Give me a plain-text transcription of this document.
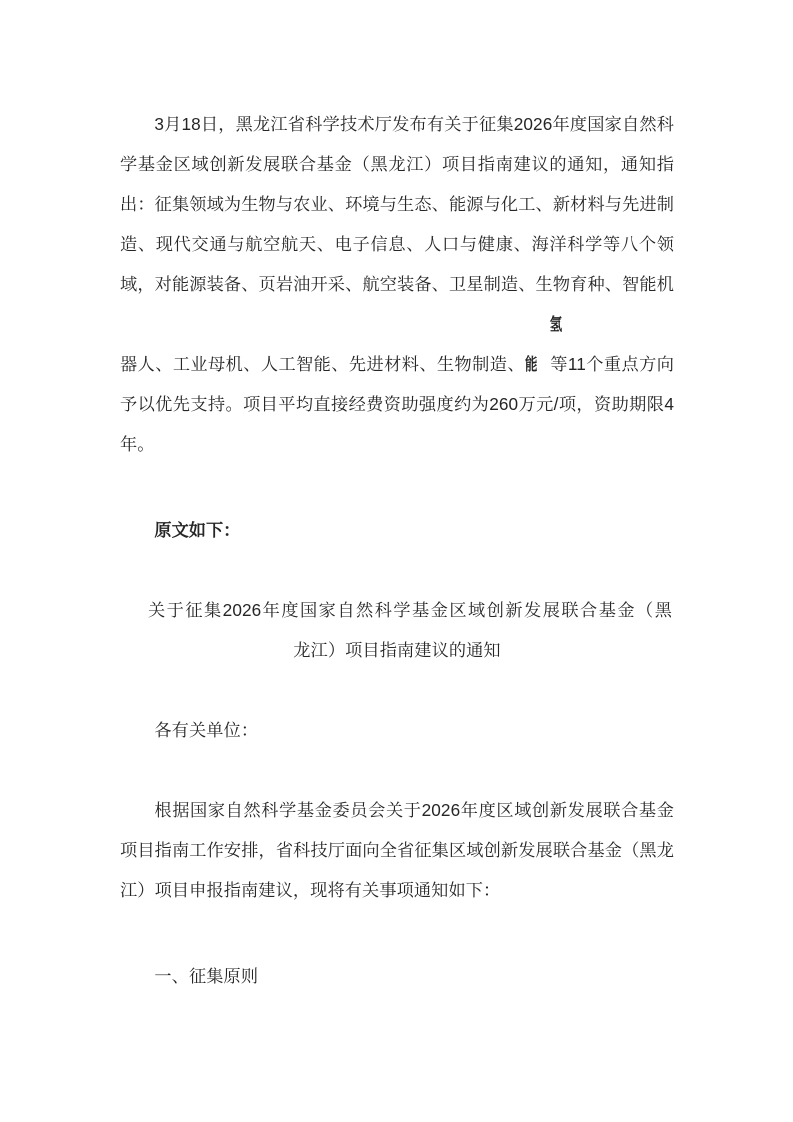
3月18日，黑龙江省科学技术厅发布有关于征集2026年度国家自然科学基金区域创新发展联合基金（黑龙江）项目指南建议的通知，通知指出：征集领域为生物与农业、环境与生态、能源与化工、新材料与先进制造、现代交通与航空航天、电子信息、人口与健康、海洋科学等八个领域，对能源装备、页岩油开采、航空装备、卫星制造、生物育种、智能机器人、工业母机、人工智能、先进材料、生物制造、氢能 等11个重点方向予以优先支持。项目平均直接经费资助强度约为260万元/项，资助期限4年。

原文如下：

关于征集2026年度国家自然科学基金区域创新发展联合基金（黑
龙江）项目指南建议的通知

各有关单位：

根据国家自然科学基金委员会关于2026年度区域创新发展联合基金项目指南工作安排，省科技厅面向全省征集区域创新发展联合基金（黑龙江）项目申报指南建议，现将有关事项通知如下：

一、征集原则
